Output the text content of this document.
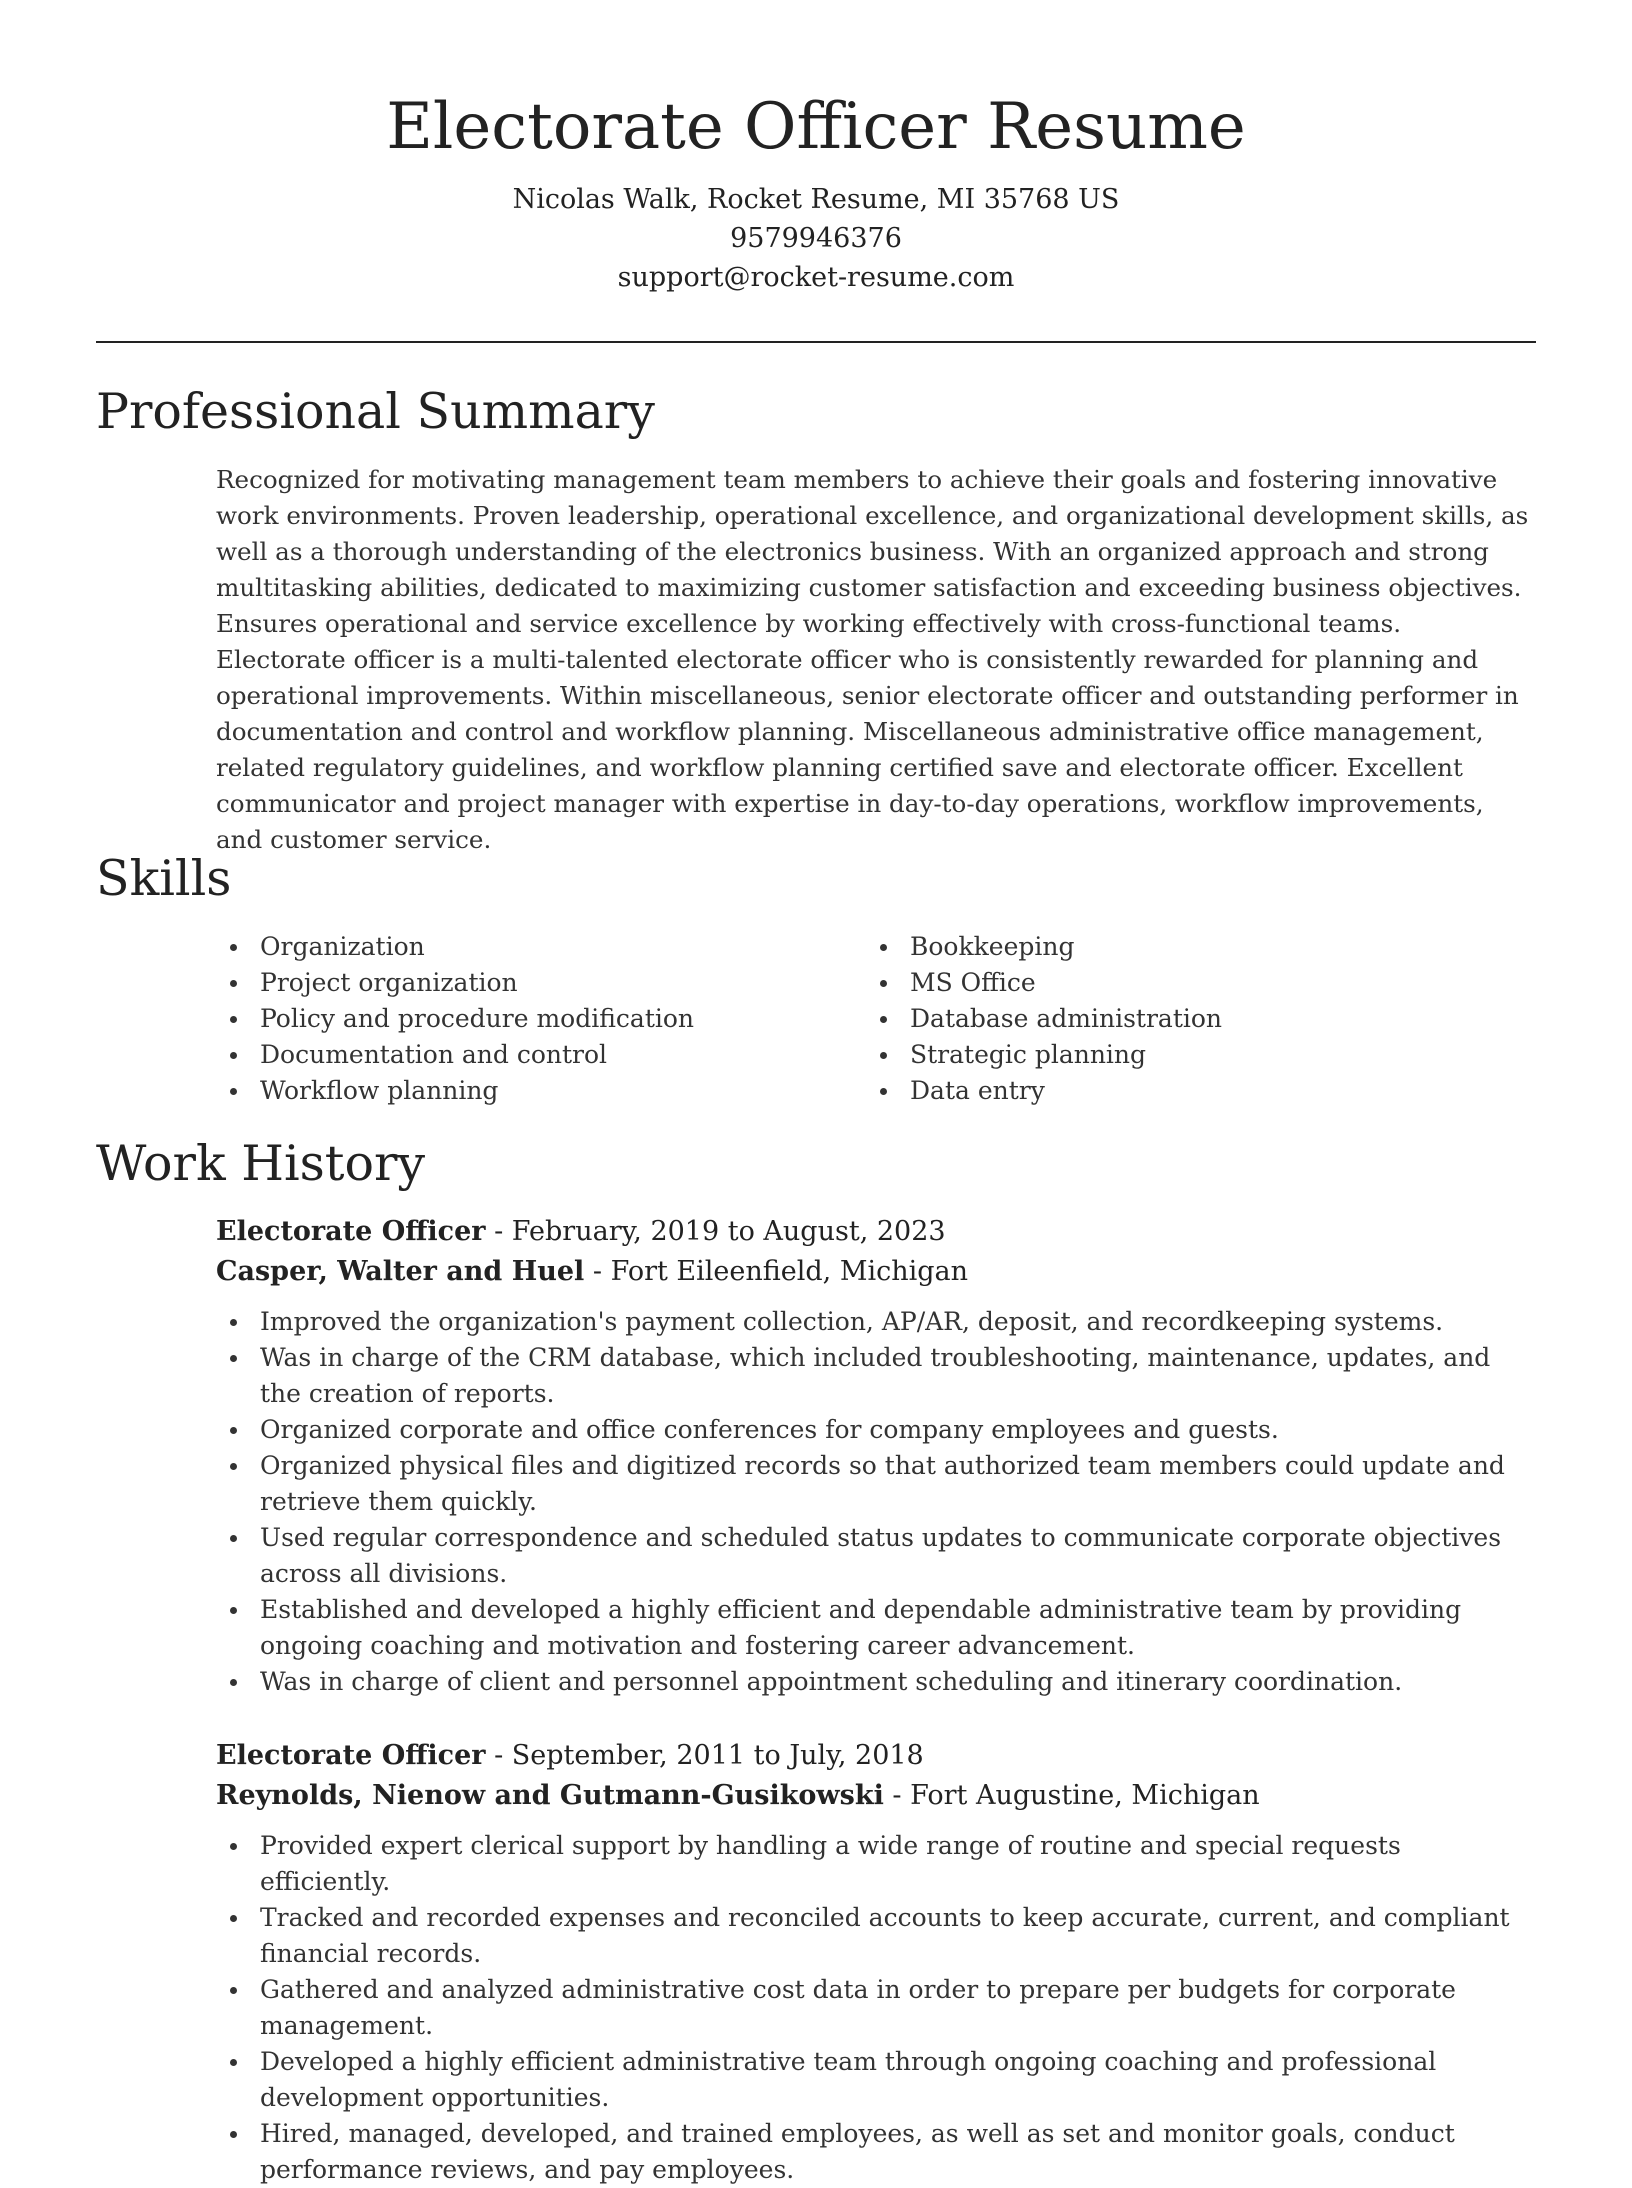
Electorate Officer Resume

Nicolas Walk, Rocket Resume, MI 35768 US

9579946376

support@rocket-resume.com

Professional Summary

Recognized for motivating management team members to achieve their goals and fostering innovative work environments. Proven leadership, operational excellence, and organizational development skills, as well as a thorough understanding of the electronics business. With an organized approach and strong multitasking abilities, dedicated to maximizing customer satisfaction and exceeding business objectives. Ensures operational and service excellence by working effectively with cross-functional teams. Electorate officer is a multi-talented electorate officer who is consistently rewarded for planning and operational improvements. Within miscellaneous, senior electorate officer and outstanding performer in documentation and control and workflow planning. Miscellaneous administrative office management, related regulatory guidelines, and workflow planning certified save and electorate officer. Excellent communicator and project manager with expertise in day-to-day operations, workflow improvements, and customer service.

Skills
Organization
Project organization
Policy and procedure modification
Documentation and control
Workflow planning
Bookkeeping
MS Office
Database administration
Strategic planning
Data entry
Work History

Electorate Officer - February, 2019 to August, 2023

Casper, Walter and Huel - Fort Eileenfield, Michigan

Improved the organization's payment collection, AP/AR, deposit, and recordkeeping systems.
Was in charge of the CRM database, which included troubleshooting, maintenance, updates, and the creation of reports.
Organized corporate and office conferences for company employees and guests.
Organized physical files and digitized records so that authorized team members could update and retrieve them quickly.
Used regular correspondence and scheduled status updates to communicate corporate objectives across all divisions.
Established and developed a highly efficient and dependable administrative team by providing ongoing coaching and motivation and fostering career advancement.
Was in charge of client and personnel appointment scheduling and itinerary coordination.

Electorate Officer - September, 2011 to July, 2018

Reynolds, Nienow and Gutmann-Gusikowski - Fort Augustine, Michigan

Provided expert clerical support by handling a wide range of routine and special requests efficiently.
Tracked and recorded expenses and reconciled accounts to keep accurate, current, and compliant financial records.
Gathered and analyzed administrative cost data in order to prepare per budgets for corporate management.
Developed a highly efficient administrative team through ongoing coaching and professional development opportunities.
Hired, managed, developed, and trained employees, as well as set and monitor goals, conduct performance reviews, and pay employees.
